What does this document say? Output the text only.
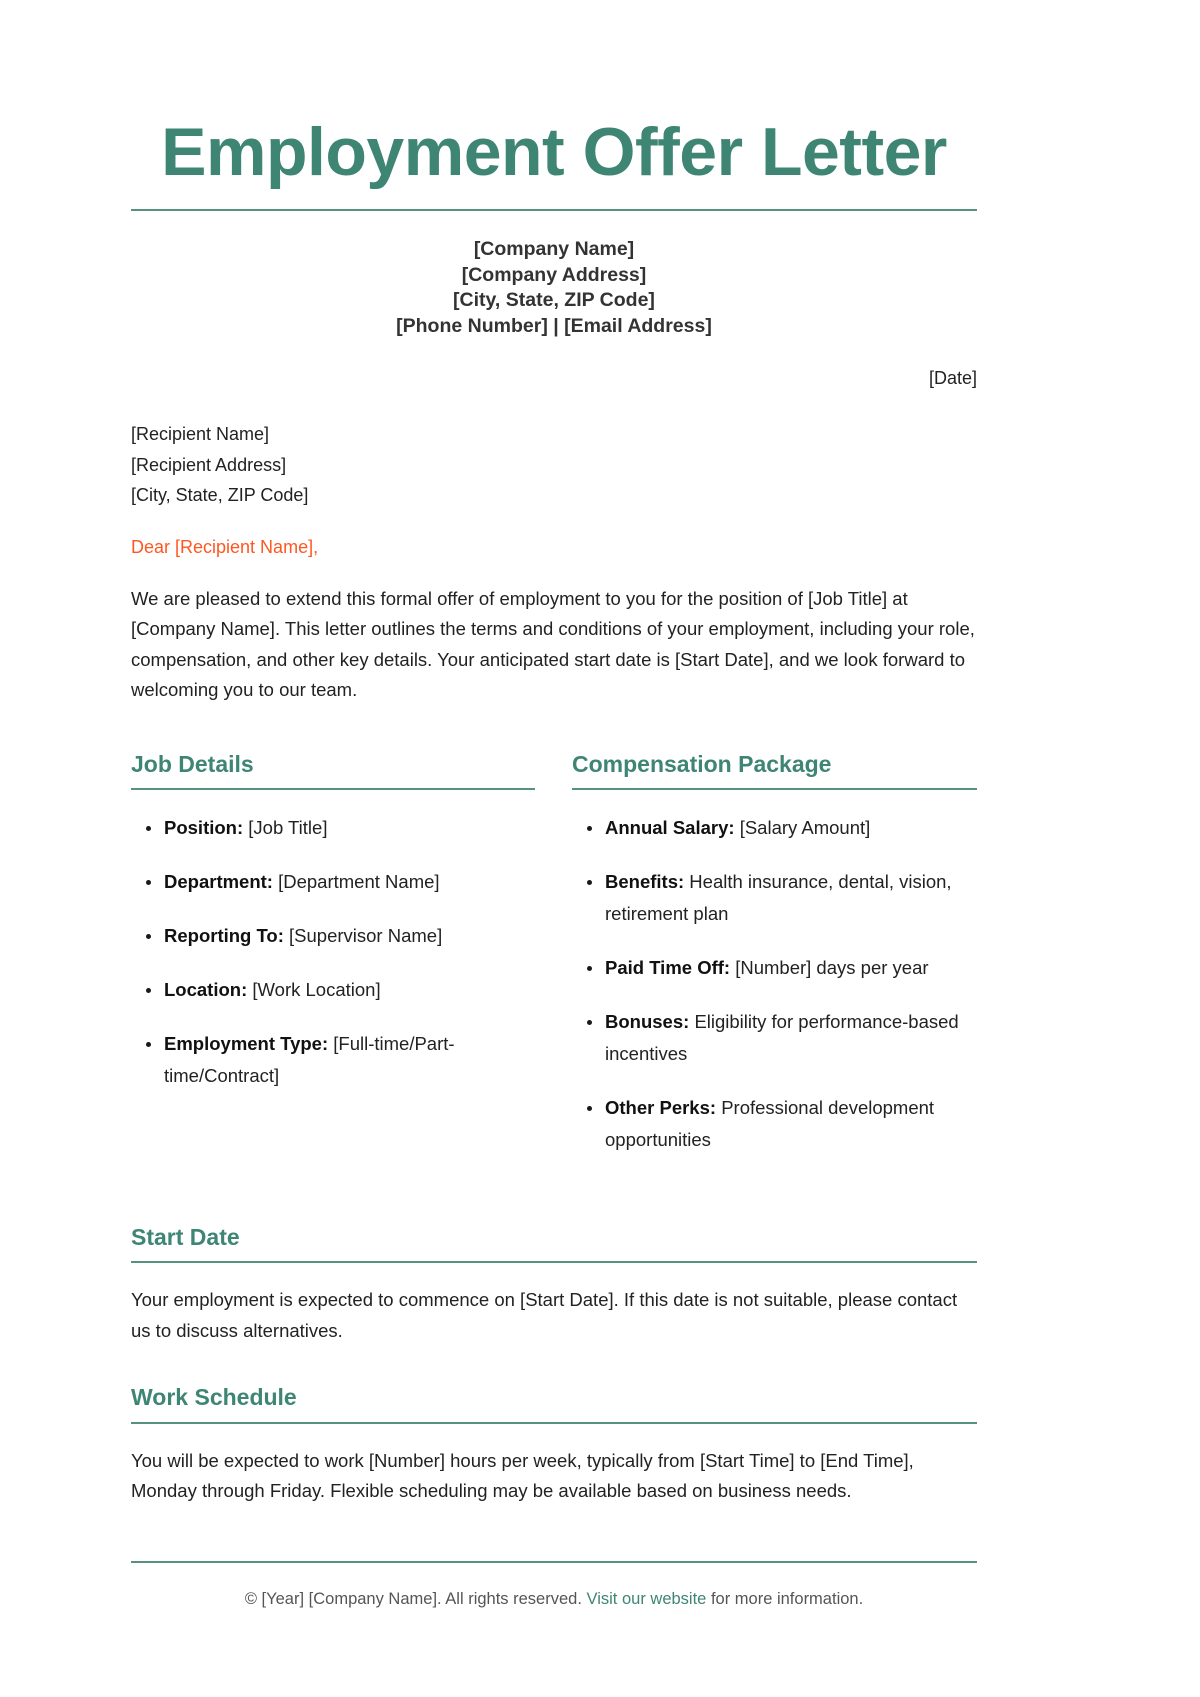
Employment Offer Letter
[Company Name]
[Company Address]
[City, State, ZIP Code]
[Phone Number] | [Email Address]
[Date]
[Recipient Name]
[Recipient Address]
[City, State, ZIP Code]
Dear [Recipient Name],

We are pleased to extend this formal offer of employment to you for the position of [Job Title] at [Company Name]. This letter outlines the terms and conditions of your employment, including your role, compensation, and other key details. Your anticipated start date is [Start Date], and we look forward to welcoming you to our team.

Job Details
Position: [Job Title]
Department: [Department Name]
Reporting To: [Supervisor Name]
Location: [Work Location]
Employment Type: [Full-time/Part-time/Contract]
Compensation Package
Annual Salary: [Salary Amount]
Benefits: Health insurance, dental, vision, retirement plan
Paid Time Off: [Number] days per year
Bonuses: Eligibility for performance-based incentives
Other Perks: Professional development opportunities
Start Date

Your employment is expected to commence on [Start Date]. If this date is not suitable, please contact us to discuss alternatives.

Work Schedule

You will be expected to work [Number] hours per week, typically from [Start Time] to [End Time], Monday through Friday. Flexible scheduling may be available based on business needs.

© [Year] [Company Name]. All rights reserved. Visit our website for more information.
